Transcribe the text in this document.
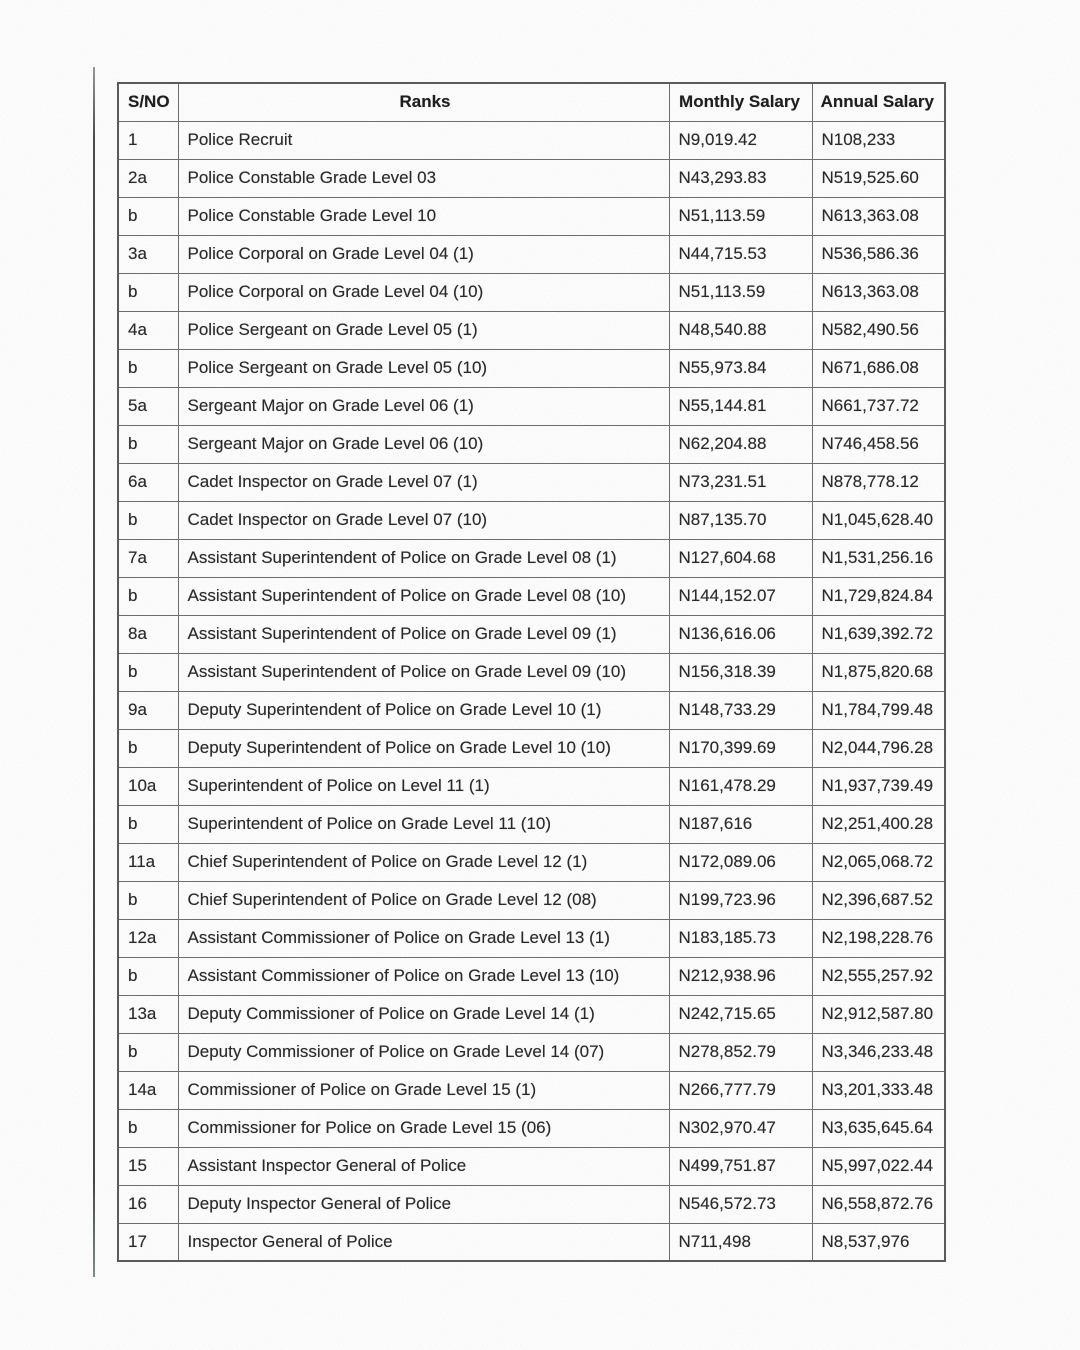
S/NO	Ranks	Monthly Salary	Annual Salary
1	Police Recruit	N9,019.42	N108,233
2a	Police Constable Grade Level 03	N43,293.83	N519,525.60
b	Police Constable Grade Level 10	N51,113.59	N613,363.08
3a	Police Corporal on Grade Level 04 (1)	N44,715.53	N536,586.36
b	Police Corporal on Grade Level 04 (10)	N51,113.59	N613,363.08
4a	Police Sergeant on Grade Level 05 (1)	N48,540.88	N582,490.56
b	Police Sergeant on Grade Level 05 (10)	N55,973.84	N671,686.08
5a	Sergeant Major on Grade Level 06 (1)	N55,144.81	N661,737.72
b	Sergeant Major on Grade Level 06 (10)	N62,204.88	N746,458.56
6a	Cadet Inspector on Grade Level 07 (1)	N73,231.51	N878,778.12
b	Cadet Inspector on Grade Level 07 (10)	N87,135.70	N1,045,628.40
7a	Assistant Superintendent of Police on Grade Level 08 (1)	N127,604.68	N1,531,256.16
b	Assistant Superintendent of Police on Grade Level 08 (10)	N144,152.07	N1,729,824.84
8a	Assistant Superintendent of Police on Grade Level 09 (1)	N136,616.06	N1,639,392.72
b	Assistant Superintendent of Police on Grade Level 09 (10)	N156,318.39	N1,875,820.68
9a	Deputy Superintendent of Police on Grade Level 10 (1)	N148,733.29	N1,784,799.48
b	Deputy Superintendent of Police on Grade Level 10 (10)	N170,399.69	N2,044,796.28
10a	Superintendent of Police on Level 11 (1)	N161,478.29	N1,937,739.49
b	Superintendent of Police on Grade Level 11 (10)	N187,616	N2,251,400.28
11a	Chief Superintendent of Police on Grade Level 12 (1)	N172,089.06	N2,065,068.72
b	Chief Superintendent of Police on Grade Level 12 (08)	N199,723.96	N2,396,687.52
12a	Assistant Commissioner of Police on Grade Level 13 (1)	N183,185.73	N2,198,228.76
b	Assistant Commissioner of Police on Grade Level 13 (10)	N212,938.96	N2,555,257.92
13a	Deputy Commissioner of Police on Grade Level 14 (1)	N242,715.65	N2,912,587.80
b	Deputy Commissioner of Police on Grade Level 14 (07)	N278,852.79	N3,346,233.48
14a	Commissioner of Police on Grade Level 15 (1)	N266,777.79	N3,201,333.48
b	Commissioner for Police on Grade Level 15 (06)	N302,970.47	N3,635,645.64
15	Assistant Inspector General of Police	N499,751.87	N5,997,022.44
16	Deputy Inspector General of Police	N546,572.73	N6,558,872.76
17	Inspector General of Police	N711,498	N8,537,976
